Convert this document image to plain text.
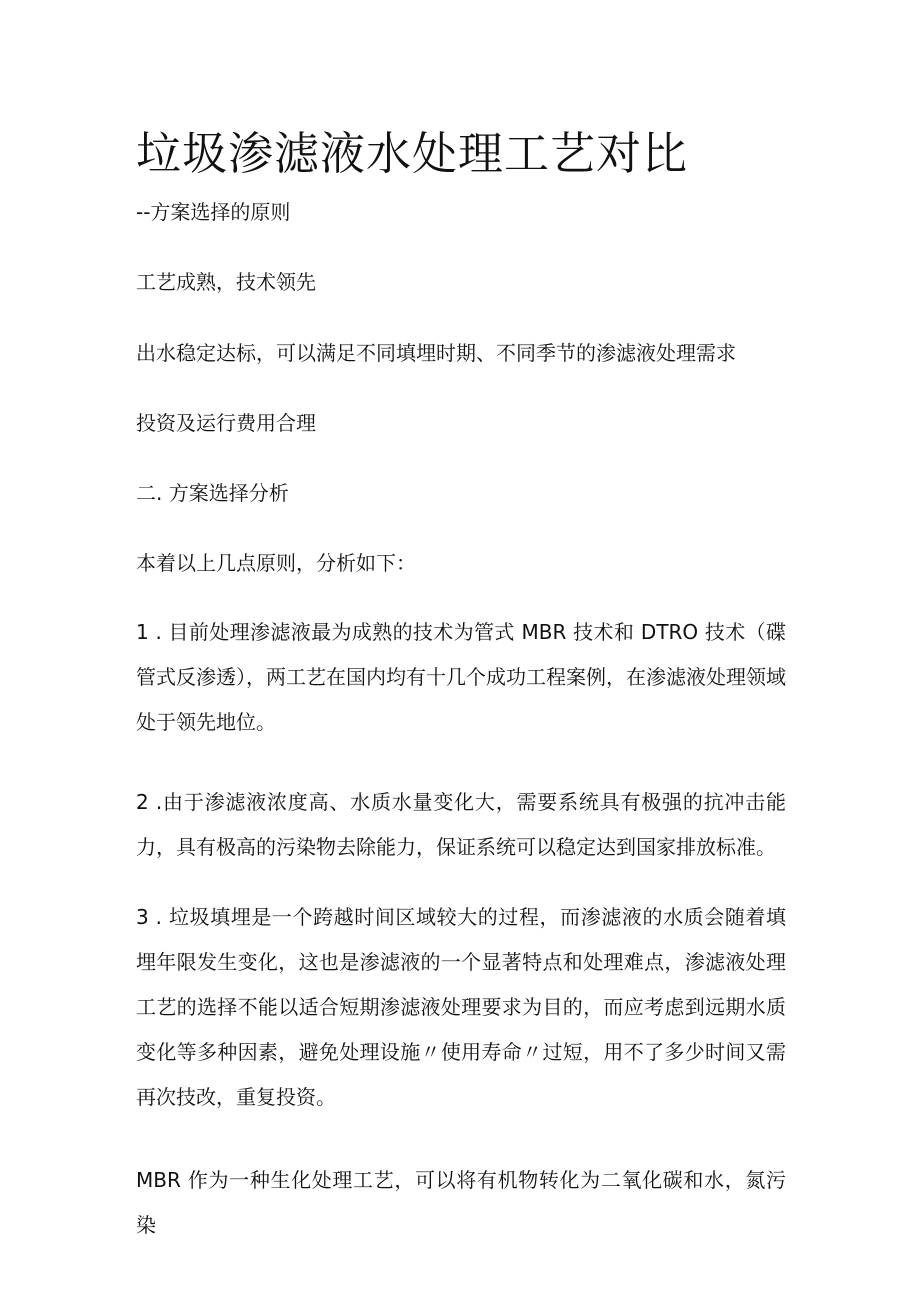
垃圾渗滤液水处理工艺对比

--方案选择的原则

工艺成熟，技术领先

出水稳定达标，可以满足不同填埋时期、不同季节的渗滤液处理需求

投资及运行费用合理

二. 方案选择分析

本着以上几点原则，分析如下：

1 . 目前处理渗滤液最为成熟的技术为管式 MBR 技术和 DTRO 技术（碟管式反渗透），两工艺在国内均有十几个成功工程案例，在渗滤液处理领域处于领先地位。

2 .由于渗滤液浓度高、水质水量变化大，需要系统具有极强的抗冲击能力，具有极高的污染物去除能力，保证系统可以稳定达到国家排放标准。

3 . 垃圾填埋是一个跨越时间区域较大的过程，而渗滤液的水质会随着填埋年限发生变化，这也是渗滤液的一个显著特点和处理难点，渗滤液处理工艺的选择不能以适合短期渗滤液处理要求为目的，而应考虑到远期水质变化等多种因素，避免处理设施〃使用寿命〃过短，用不了多少时间又需再次技改，重复投资。

MBR 作为一种生化处理工艺，可以将有机物转化为二氧化碳和水，氮污染
